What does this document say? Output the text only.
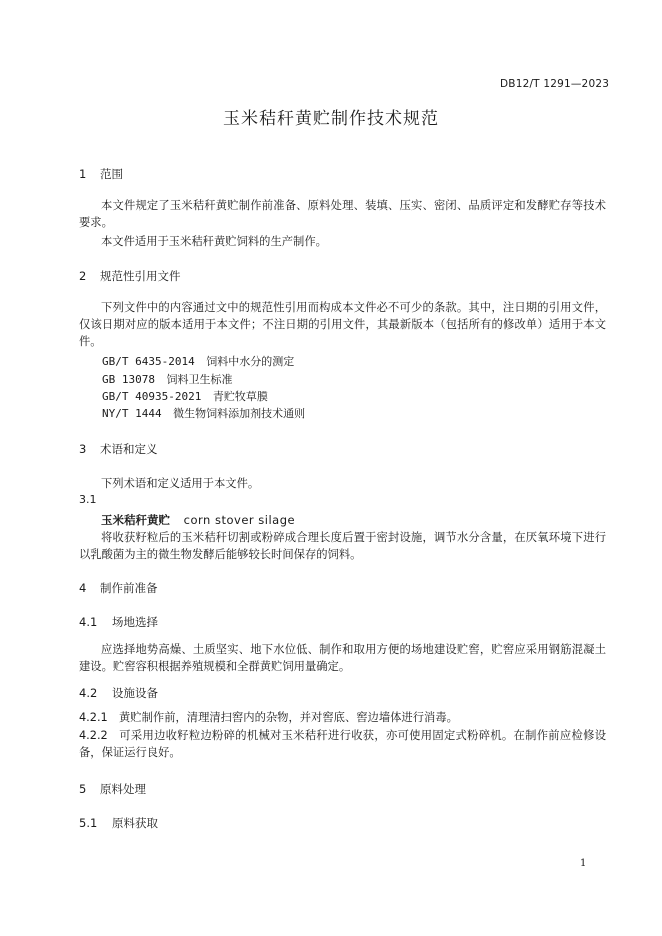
DB12/T 1291—2023
玉米秸秆黄贮制作技术规范
1 范围
本文件规定了玉米秸秆黄贮制作前准备、原料处理、装填、压实、密闭、品质评定和发酵贮存等技术要求。
本文件适用于玉米秸秆黄贮饲料的生产制作。
2 规范性引用文件
下列文件中的内容通过文中的规范性引用而构成本文件必不可少的条款。其中，注日期的引用文件，仅该日期对应的版本适用于本文件；不注日期的引用文件，其最新版本（包括所有的修改单）适用于本文件。
GB/T 6435-2014 饲料中水分的测定
GB 13078 饲料卫生标准
GB/T 40935-2021 青贮牧草膜
NY/T 1444 微生物饲料添加剂技术通则
3 术语和定义
下列术语和定义适用于本文件。
3.1
玉米秸秆黄贮 corn stover silage
将收获籽粒后的玉米秸秆切割或粉碎成合理长度后置于密封设施，调节水分含量，在厌氧环境下进行以乳酸菌为主的微生物发酵后能够较长时间保存的饲料。
4 制作前准备
4.1 场地选择
应选择地势高燥、土质坚实、地下水位低、制作和取用方便的场地建设贮窖，贮窖应采用钢筋混凝土建设。贮窖容积根据养殖规模和全群黄贮饲用量确定。
4.2 设施设备
4.2.1 黄贮制作前，清理清扫窖内的杂物，并对窖底、窖边墙体进行消毒。
4.2.2 可采用边收籽粒边粉碎的机械对玉米秸秆进行收获，亦可使用固定式粉碎机。在制作前应检修设备，保证运行良好。
5 原料处理
5.1 原料获取
1
